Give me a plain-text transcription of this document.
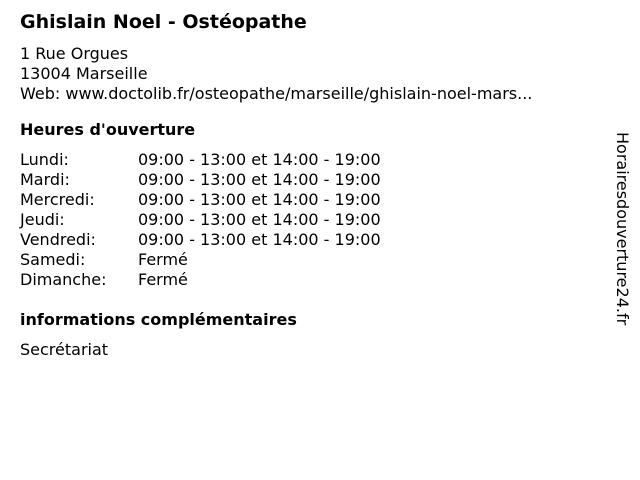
Ghislain Noel - Ostéopathe
1 Rue Orgues
13004 Marseille
Web: www.doctolib.fr/osteopathe/marseille/ghislain-noel-mars...
Heures d'ouverture
Lundi:	09:00 - 13:00 et 14:00 - 19:00
Mardi:	09:00 - 13:00 et 14:00 - 19:00
Mercredi:	09:00 - 13:00 et 14:00 - 19:00
Jeudi:	09:00 - 13:00 et 14:00 - 19:00
Vendredi:	09:00 - 13:00 et 14:00 - 19:00
Samedi:	Fermé
Dimanche:	Fermé
informations complémentaires
Secrétariat
Horairesdouverture24.fr
